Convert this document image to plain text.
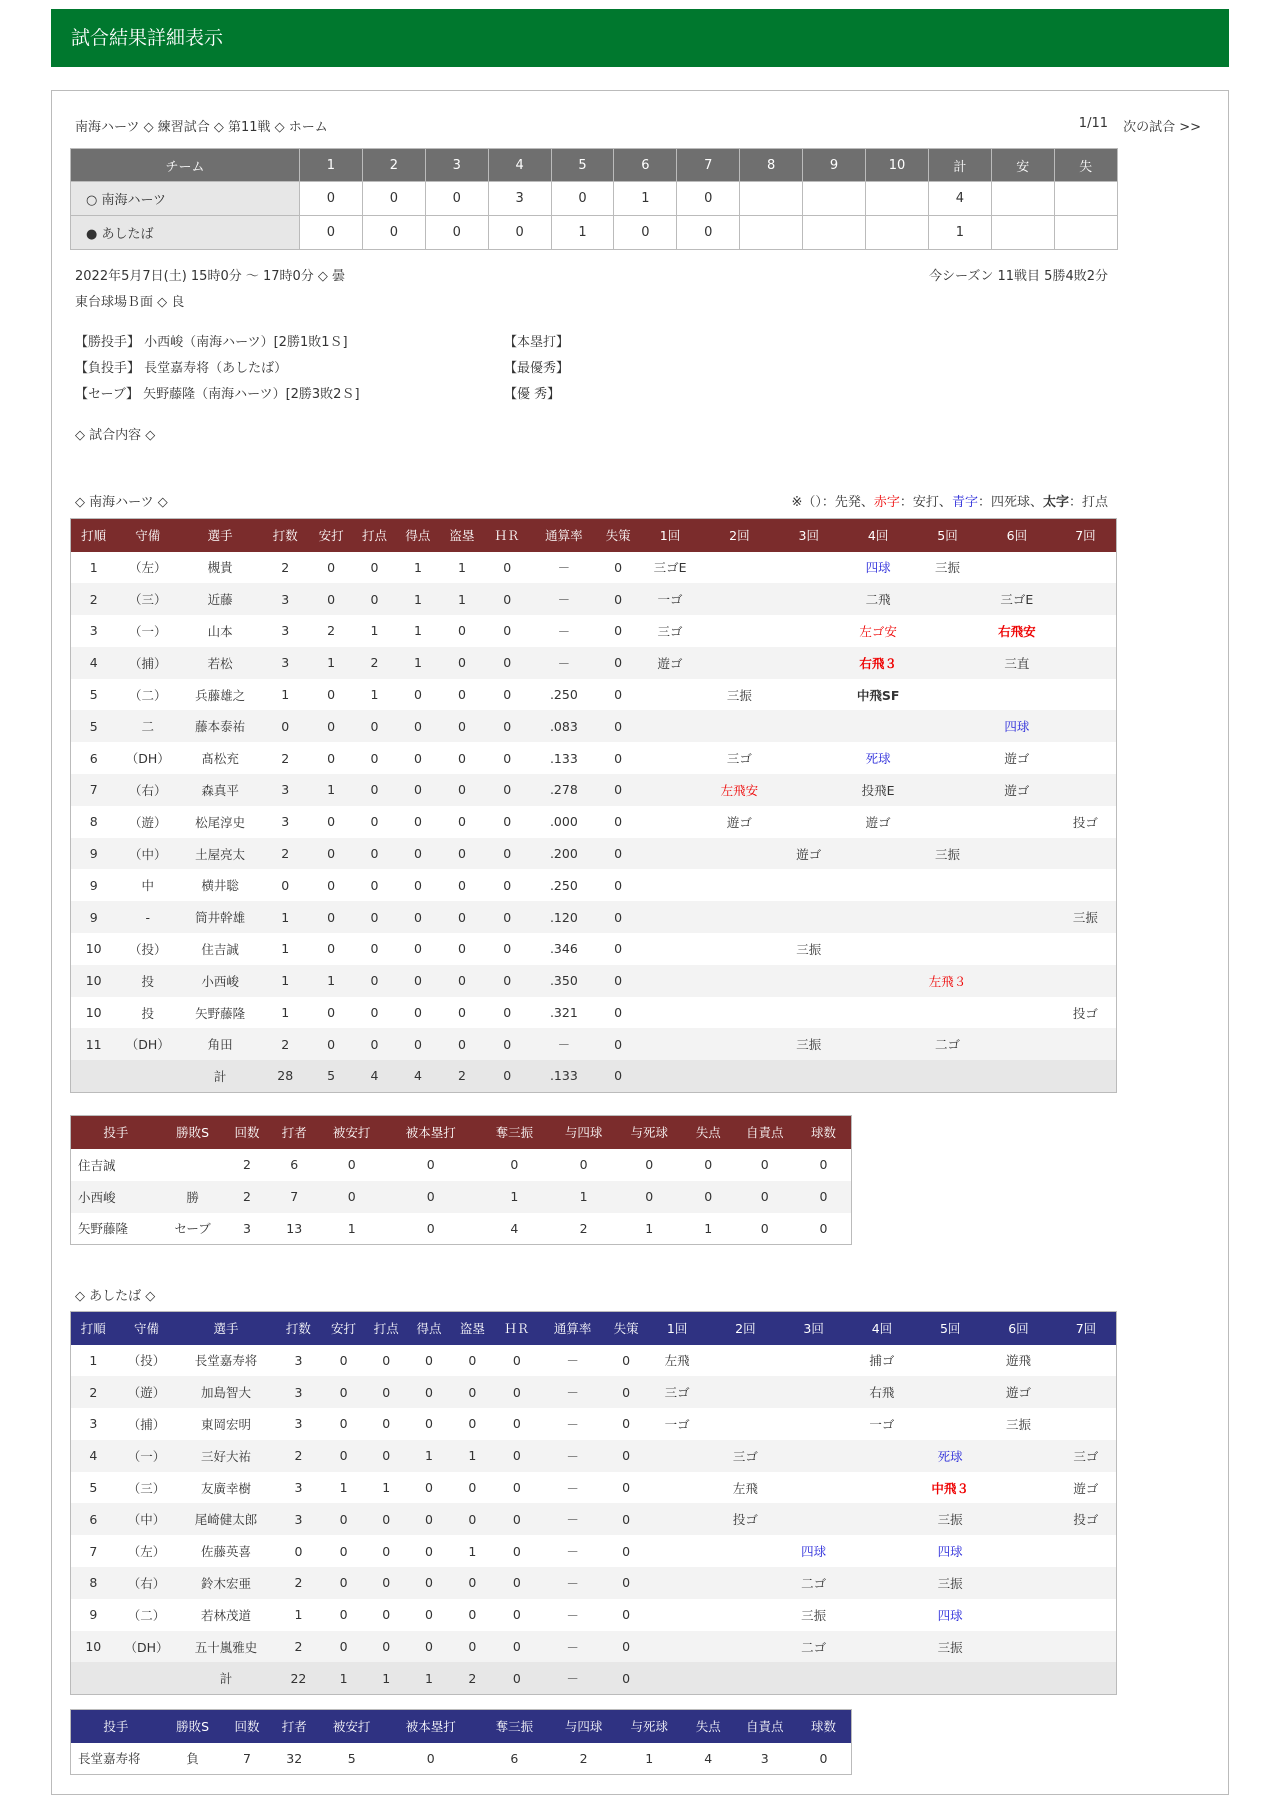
試合結果詳細表示
南海ハーツ ◇ 練習試合 ◇ 第11戦 ◇ ホーム	1/11 次の試合 >>
チーム	1	2	3	4	5	6	7	8	9	10	計	安	失
○ 南海ハーツ	0	0	0	3	0	1	0				4		
● あしたば	0	0	0	0	1	0	0				1		
2022年5月7日(土) 15時0分 ～ 17時0分 ◇ 曇	今シーズン 11戦目 5勝4敗2分
東台球場Ｂ面 ◇ 良
【勝投手】 小西峻（南海ハーツ）[2勝1敗1Ｓ]
【負投手】 長堂嘉寿将（あしたば）
【セーブ】 矢野藤隆（南海ハーツ）[2勝3敗2Ｓ]
【本塁打】
【最優秀】
【優 秀】
◇ 試合内容 ◇
◇ 南海ハーツ ◇	※（）：先発、赤字：安打、青字：四死球、太字：打点
打順	守備	選手	打数	安打	打点	得点	盗塁	ＨＲ	通算率	失策	1回	2回	3回	4回	5回	6回	7回
1	（左）	槻貴	2	0	0	1	1	0	－	0	三ゴE			四球	三振		
2	（三）	近藤	3	0	0	1	1	0	－	0	一ゴ			二飛		三ゴE	
3	（一）	山本	3	2	1	1	0	0	－	0	三ゴ			左ゴ安		右飛安	
4	（捕）	若松	3	1	2	1	0	0	－	0	遊ゴ			右飛３		三直	
5	（二）	兵藤雄之	1	0	1	0	0	0	.250	0		三振		中飛SF			
5	二	藤本泰祐	0	0	0	0	0	0	.083	0						四球	
6	（DH）	髙松充	2	0	0	0	0	0	.133	0		三ゴ		死球		遊ゴ	
7	（右）	森真平	3	1	0	0	0	0	.278	0		左飛安		投飛E		遊ゴ	
8	（遊）	松尾淳史	3	0	0	0	0	0	.000	0		遊ゴ		遊ゴ			投ゴ
9	（中）	土屋亮太	2	0	0	0	0	0	.200	0			遊ゴ		三振		
9	中	横井聡	0	0	0	0	0	0	.250	0							
9	-	筒井幹雄	1	0	0	0	0	0	.120	0							三振
10	（投）	住吉誠	1	0	0	0	0	0	.346	0			三振				
10	投	小西峻	1	1	0	0	0	0	.350	0					左飛３		
10	投	矢野藤隆	1	0	0	0	0	0	.321	0							投ゴ
11	（DH）	角田	2	0	0	0	0	0	－	0			三振		二ゴ		
		計	28	5	4	4	2	0	.133	0							
投手	勝敗S	回数	打者	被安打	被本塁打	奪三振	与四球	与死球	失点	自責点	球数
住吉誠		2	6	0	0	0	0	0	0	0	0
小西峻	勝	2	7	0	0	1	1	0	0	0	0
矢野藤隆	セーブ	3	13	1	0	4	2	1	1	0	0
◇ あしたば ◇
打順	守備	選手	打数	安打	打点	得点	盗塁	ＨＲ	通算率	失策	1回	2回	3回	4回	5回	6回	7回
1	（投）	長堂嘉寿将	3	0	0	0	0	0	－	0	左飛			捕ゴ		遊飛	
2	（遊）	加島智大	3	0	0	0	0	0	－	0	三ゴ			右飛		遊ゴ	
3	（捕）	東岡宏明	3	0	0	0	0	0	－	0	一ゴ			一ゴ		三振	
4	（一）	三好大祐	2	0	0	1	1	0	－	0		三ゴ			死球		三ゴ
5	（三）	友廣幸樹	3	1	1	0	0	0	－	0		左飛			中飛３		遊ゴ
6	（中）	尾崎健太郎	3	0	0	0	0	0	－	0		投ゴ			三振		投ゴ
7	（左）	佐藤英喜	0	0	0	0	1	0	－	0			四球		四球		
8	（右）	鈴木宏亜	2	0	0	0	0	0	－	0			二ゴ		三振		
9	（二）	若林茂道	1	0	0	0	0	0	－	0			三振		四球		
10	（DH）	五十嵐雅史	2	0	0	0	0	0	－	0			二ゴ		三振		
		計	22	1	1	1	2	0	－	0							
投手	勝敗S	回数	打者	被安打	被本塁打	奪三振	与四球	与死球	失点	自責点	球数
長堂嘉寿将	負	7	32	5	0	6	2	1	4	3	0
